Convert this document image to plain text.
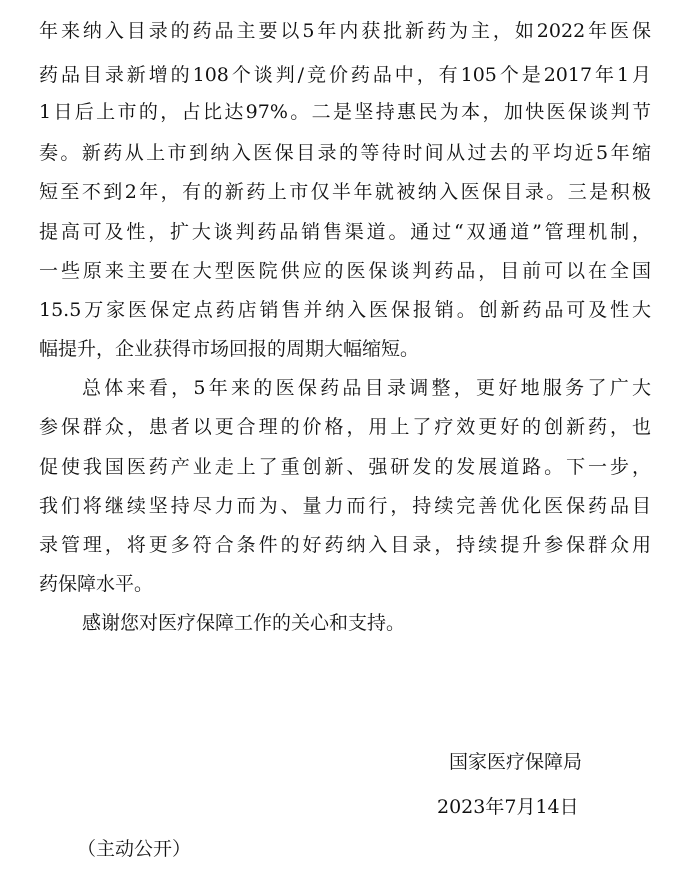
年来纳入目录的药品主要以5年内获批新药为主，如2022年医保
药品目录新增的108个谈判/竞价药品中，有105个是2017年1月
1日后上市的，占比达97%。二是坚持惠民为本，加快医保谈判节
奏。新药从上市到纳入医保目录的等待时间从过去的平均近5年缩
短至不到2年，有的新药上市仅半年就被纳入医保目录。三是积极
提高可及性，扩大谈判药品销售渠道。通过“双通道”管理机制，
一些原来主要在大型医院供应的医保谈判药品，目前可以在全国
15.5万家医保定点药店销售并纳入医保报销。创新药品可及性大
幅提升，企业获得市场回报的周期大幅缩短。
总体来看，5年来的医保药品目录调整，更好地服务了广大
参保群众，患者以更合理的价格，用上了疗效更好的创新药，也
促使我国医药产业走上了重创新、强研发的发展道路。下一步，
我们将继续坚持尽力而为、量力而行，持续完善优化医保药品目
录管理，将更多符合条件的好药纳入目录，持续提升参保群众用
药保障水平。
感谢您对医疗保障工作的关心和支持。
国家医疗保障局
2023年7月14日
（主动公开）
